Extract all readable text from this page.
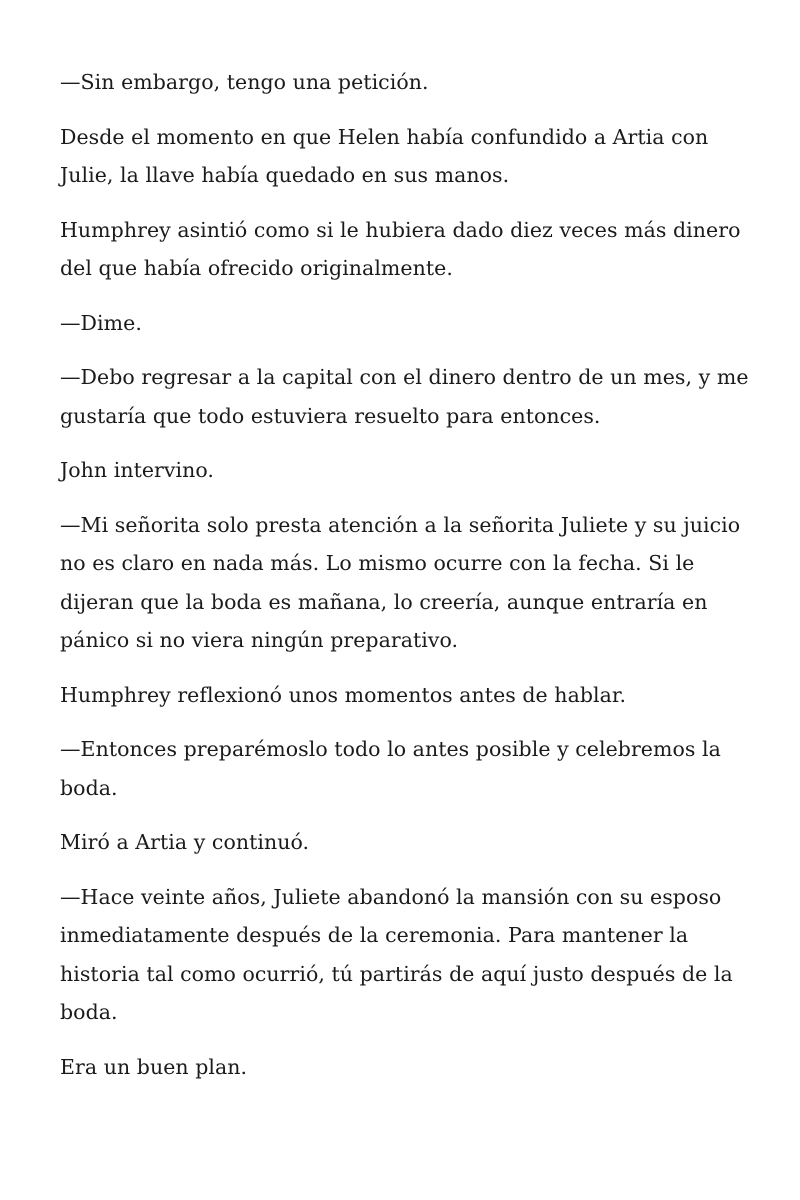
—Sin embargo, tengo una petición.

Desde el momento en que Helen había confundido a Artia con Julie, la llave había quedado en sus manos.

Humphrey asintió como si le hubiera dado diez veces más dinero del que había ofrecido originalmente.

—Dime.

—Debo regresar a la capital con el dinero dentro de un mes, y me gustaría que todo estuviera resuelto para entonces.

John intervino.

—Mi señorita solo presta atención a la señorita Juliete y su juicio no es claro en nada más. Lo mismo ocurre con la fecha. Si le dijeran que la boda es mañana, lo creería, aunque entraría en pánico si no viera ningún preparativo.

Humphrey reflexionó unos momentos antes de hablar.

—Entonces preparémoslo todo lo antes posible y celebremos la boda.

Miró a Artia y continuó.

—Hace veinte años, Juliete abandonó la mansión con su esposo inmediatamente después de la ceremonia. Para mantener la historia tal como ocurrió, tú partirás de aquí justo después de la boda.

Era un buen plan.
